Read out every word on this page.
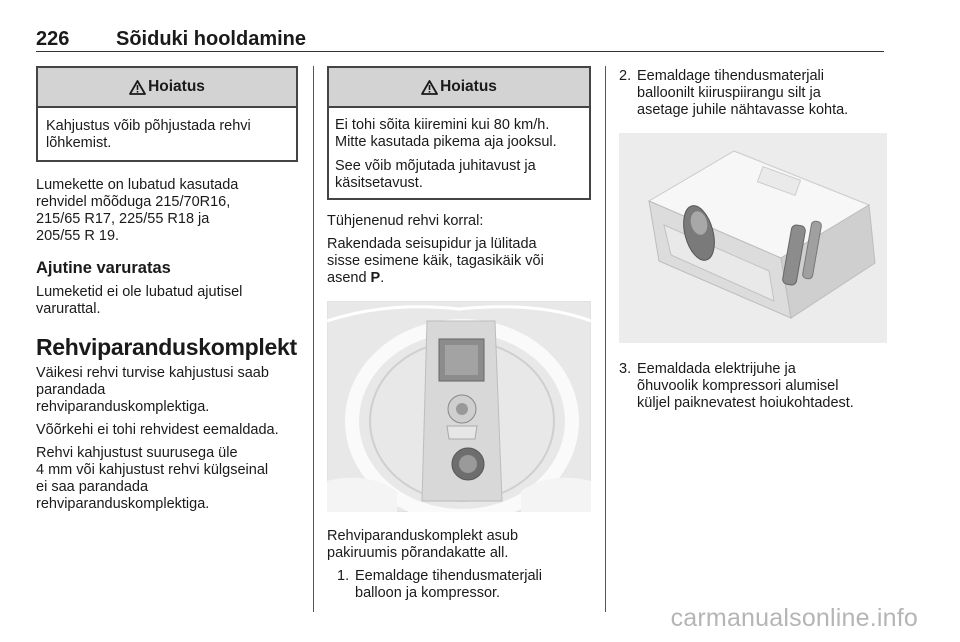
226 Sõiduki hooldamine
Hoiatus

Kahjustus võib põhjustada rehvi lõhkemist.

Lumekette on lubatud kasutada
rehvidel mõõduga 215/70R16,
215/65 R17, 225/55 R18 ja
205/55 R 19.

Ajutine varuratas

Lumeketid ei ole lubatud ajutisel
varurattal.

Rehviparanduskomplekt

Väikesi rehvi turvise kahjustusi saab
parandada
rehviparanduskomplektiga.

Võõrkehi ei tohi rehvidest eemaldada.

Rehvi kahjustust suurusega üle
4 mm või kahjustust rehvi külgseinal
ei saa parandada
rehviparanduskomplektiga.

Hoiatus

Ei tohi sõita kiiremini kui 80 km/h.
Mitte kasutada pikema aja jooksul.

See võib mõjutada juhitavust ja
käsitsetavust.

Tühjenenud rehvi korral:

Rakendada seisupidur ja lülitada
sisse esimene käik, tagasikäik või
asend P.

Rehviparanduskomplekt asub
pakiruumis põrandakatte all.

1. Eemaldage tihendusmaterjali
balloon ja kompressor.
2. Eemaldage tihendusmaterjali
balloonilt kiiruspiirangu silt ja
asetage juhile nähtavasse kohta.
3. Eemaldada elektrijuhe ja
õhuvoolik kompressori alumisel
küljel paiknevatest hoiukohtadest.
carmanualsonline.info
